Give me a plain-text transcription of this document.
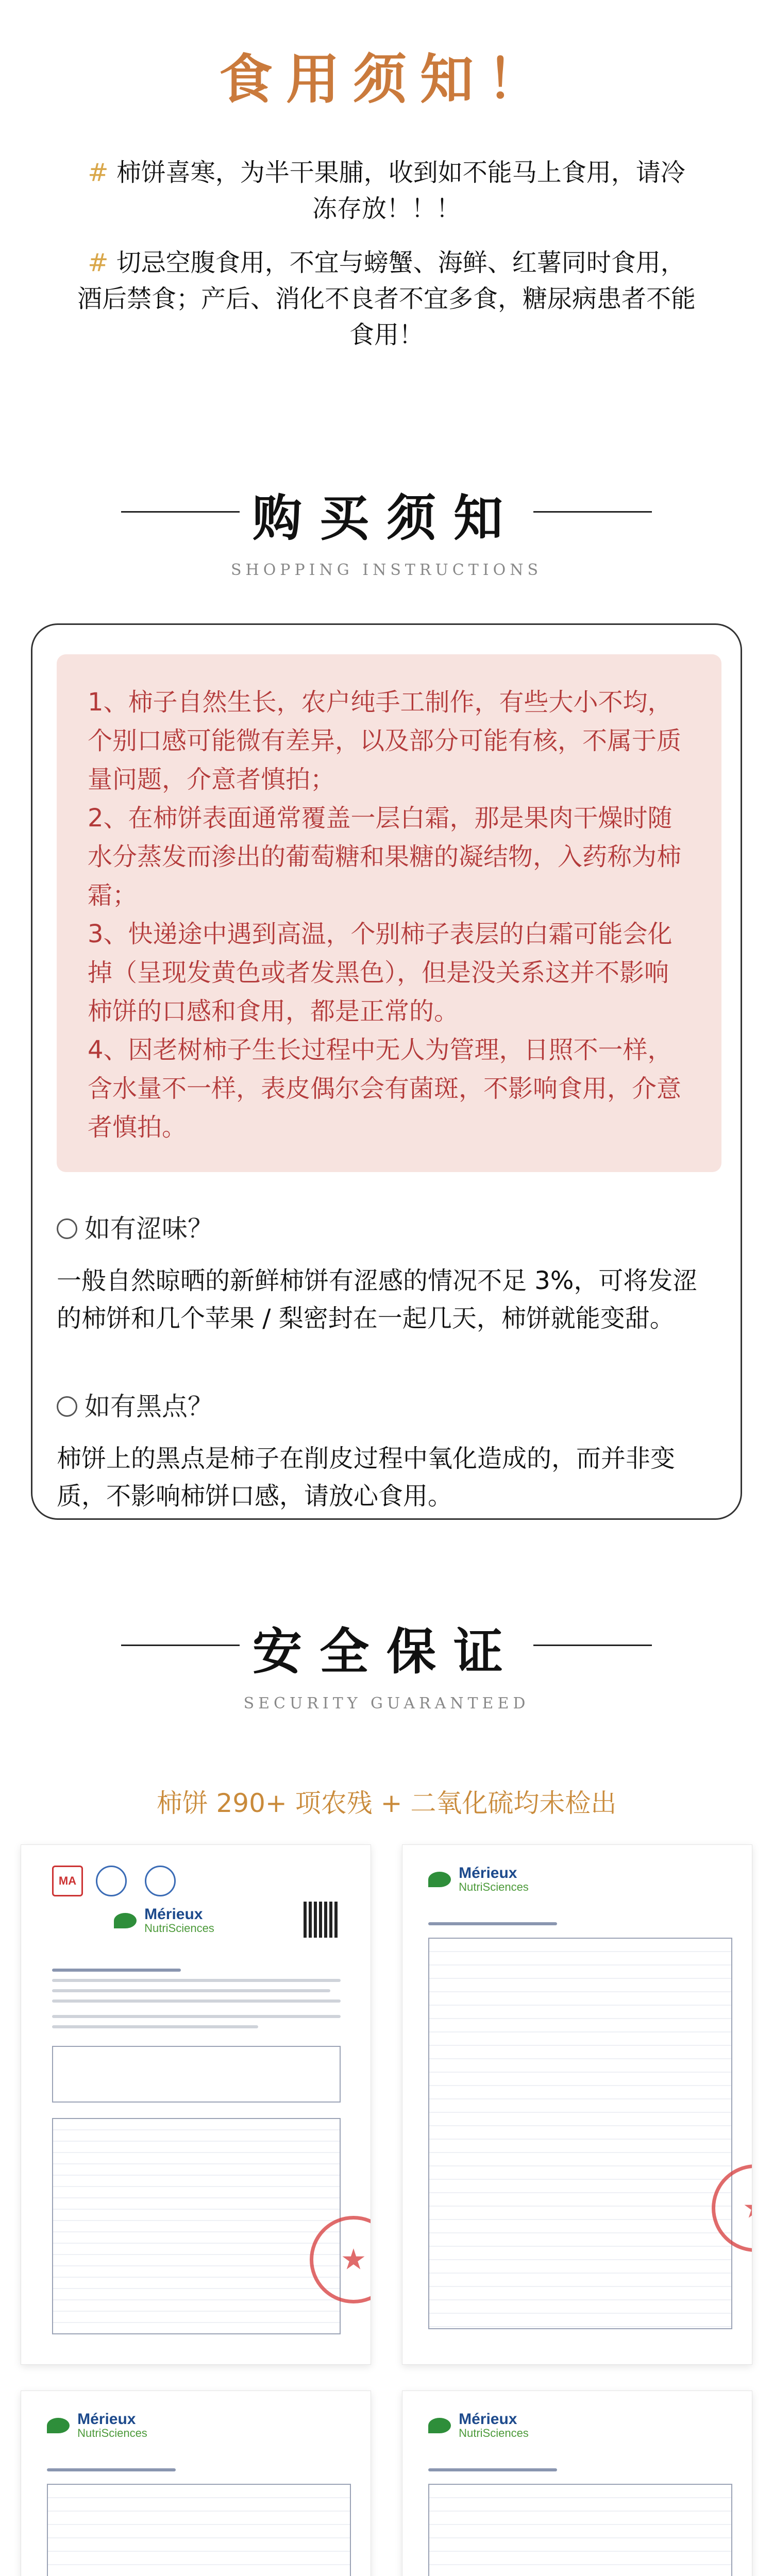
食用须知！
# 柿饼喜寒，为半干果脯，收到如不能马上食用，请冷冻存放！！！
# 切忌空腹食用，不宜与螃蟹、海鲜、红薯同时食用，酒后禁食；产后、消化不良者不宜多食，糖尿病患者不能食用！
购买须知
SHOPPING INSTRUCTIONS

1、柿子自然生长，农户纯手工制作，有些大小不均，个别口感可能微有差异，以及部分可能有核，不属于质量问题，介意者慎拍；

2、在柿饼表面通常覆盖一层白霜，那是果肉干燥时随水分蒸发而渗出的葡萄糖和果糖的凝结物，入药称为柿霜；

3、快递途中遇到高温，个别柿子表层的白霜可能会化掉（呈现发黄色或者发黑色），但是没关系这并不影响柿饼的口感和食用，都是正常的。

4、因老树柿子生长过程中无人为管理，日照不一样，含水量不一样，表皮偶尔会有菌斑，不影响食用，介意者慎拍。

如有涩味？
一般自然晾晒的新鲜柿饼有涩感的情况不足 3%，可将发涩的柿饼和几个苹果 / 梨密封在一起几天，柿饼就能变甜。
如有黑点？
柿饼上的黑点是柿子在削皮过程中氧化造成的，而并非变质，不影响柿饼口感，请放心食用。
安全保证
SECURITY GUARANTEED
柿饼 290+ 项农残 + 二氧化硫均未检出
MA

Mérieux
NutriSciences
★

Mérieux
NutriSciences
★

Mérieux
NutriSciences

Mérieux
NutriSciences
